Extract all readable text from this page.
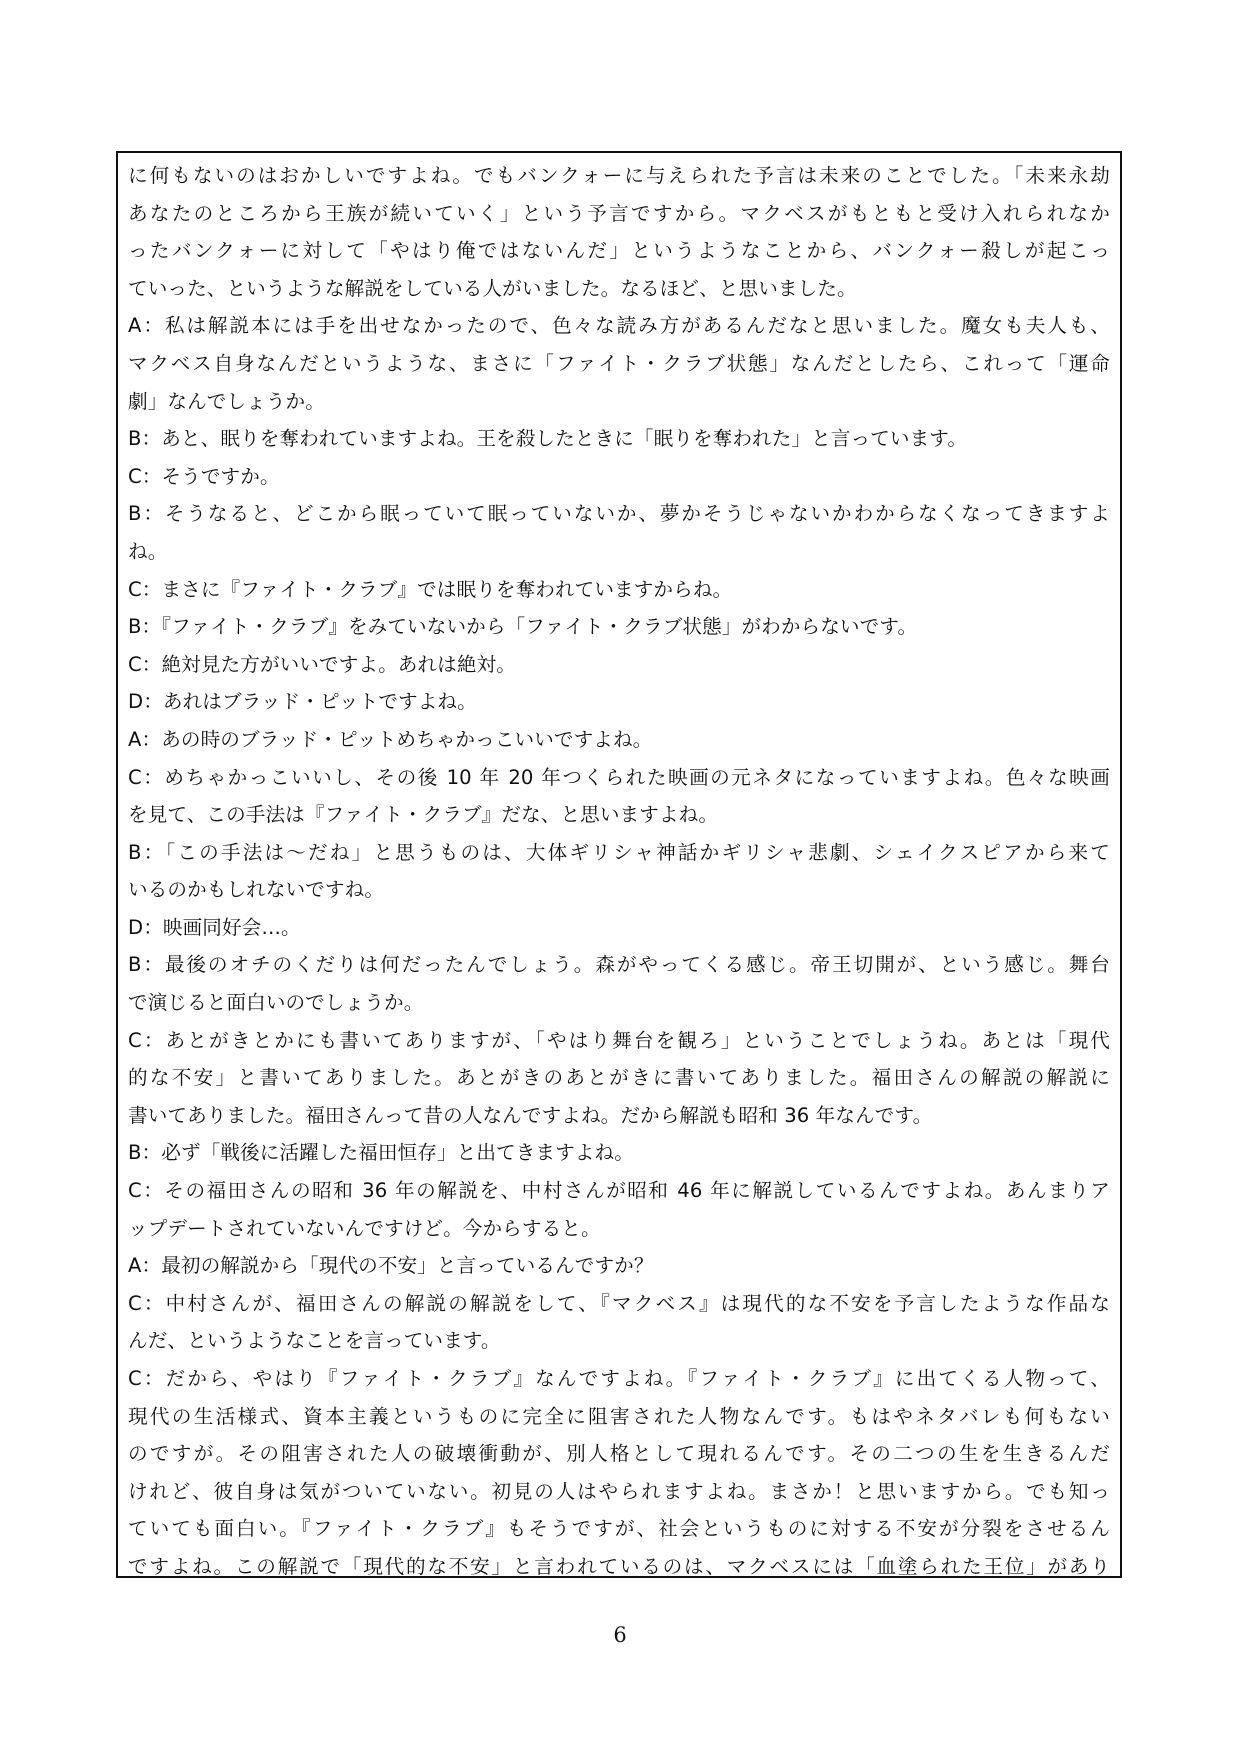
に何もないのはおかしいですよね。でもバンクォーに与えられた予言は未来のことでした。「未来永劫
あなたのところから王族が続いていく」という予言ですから。マクベスがもともと受け入れられなか
ったバンクォーに対して「やはり俺ではないんだ」というようなことから、バンクォー殺しが起こっ
ていった、というような解説をしている人がいました。なるほど、と思いました。
A：私は解説本には手を出せなかったので、色々な読み方があるんだなと思いました。魔女も夫人も、
マクベス自身なんだというような、まさに「ファイト・クラブ状態」なんだとしたら、これって「運命
劇」なんでしょうか。
B：あと、眠りを奪われていますよね。王を殺したときに「眠りを奪われた」と言っています。
C：そうですか。
B：そうなると、どこから眠っていて眠っていないか、夢かそうじゃないかわからなくなってきますよ
ね。
C：まさに『ファイト・クラブ』では眠りを奪われていますからね。
B：『ファイト・クラブ』をみていないから「ファイト・クラブ状態」がわからないです。
C：絶対見た方がいいですよ。あれは絶対。
D：あれはブラッド・ピットですよね。
A：あの時のブラッド・ピットめちゃかっこいいですよね。
C：めちゃかっこいいし、その後 10 年 20 年つくられた映画の元ネタになっていますよね。色々な映画
を見て、この手法は『ファイト・クラブ』だな、と思いますよね。
B：「この手法は～だね」と思うものは、大体ギリシャ神話かギリシャ悲劇、シェイクスピアから来て
いるのかもしれないですね。
D：映画同好会…。
B：最後のオチのくだりは何だったんでしょう。森がやってくる感じ。帝王切開が、という感じ。舞台
で演じると面白いのでしょうか。
C：あとがきとかにも書いてありますが、「やはり舞台を観ろ」ということでしょうね。あとは「現代
的な不安」と書いてありました。あとがきのあとがきに書いてありました。福田さんの解説の解説に
書いてありました。福田さんって昔の人なんですよね。だから解説も昭和 36 年なんです。
B：必ず「戦後に活躍した福田恒存」と出てきますよね。
C：その福田さんの昭和 36 年の解説を、中村さんが昭和 46 年に解説しているんですよね。あんまりア
ップデートされていないんですけど。今からすると。
A：最初の解説から「現代の不安」と言っているんですか？
C：中村さんが、福田さんの解説の解説をして、『マクベス』は現代的な不安を予言したような作品な
んだ、というようなことを言っています。
C：だから、やはり『ファイト・クラブ』なんですよね。『ファイト・クラブ』に出てくる人物って、
現代の生活様式、資本主義というものに完全に阻害された人物なんです。もはやネタバレも何もない
のですが。その阻害された人の破壊衝動が、別人格として現れるんです。その二つの生を生きるんだ
けれど、彼自身は気がついていない。初見の人はやられますよね。まさか！と思いますから。でも知っ
ていても面白い。『ファイト・クラブ』もそうですが、社会というものに対する不安が分裂をさせるん
ですよね。この解説で「現代的な不安」と言われているのは、マクベスには「血塗られた王位」があり
6
